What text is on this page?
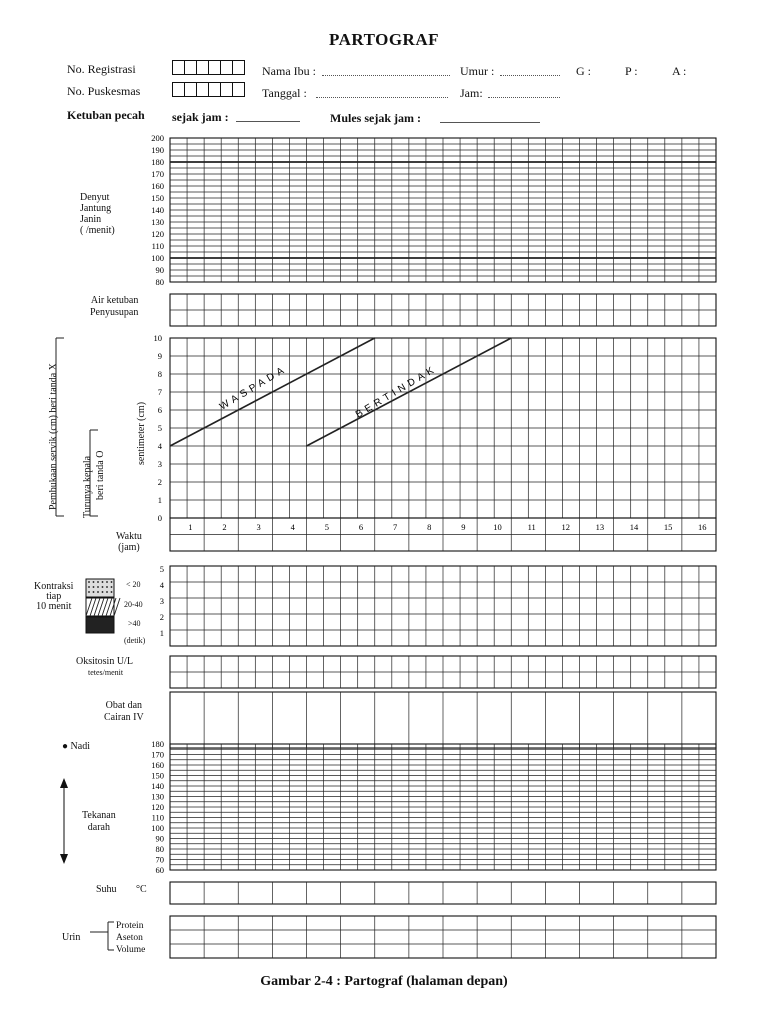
PARTOGRAF
No. Registrasi
No. Puskesmas
Nama Ibu :	Umur :	G :	P :	A :
Tanggal :	Jam:
Ketuban pecah sejak jam :	Mules sejak jam :
Denyut
Jantung
Janin
( /menit)
Air ketuban
Penyusupan
Pembukaan servik (cm) beri tanda X Turunya kepala beri tanda O
sentimeter (cm)
Waktu
(jam)
Kontraksi
tiap
10 menit
< 20
20-40
>40
(detik)
Oksitosin U/L
tetes/menit
Obat dan
Cairan IV
● Nadi
Tekanan
darah
Suhu °C
Urin
Protein
Aseton
Volume
Gambar 2-4 : Partograf (halaman depan)
200
190
180
170
160
150
140
130
120
110
100
90
80
10
9
8
7
6
5
4
3
2
1
0
1	2	3	4	5	6	7	8	9	10	11	12	13	14	15	16
WASPADA	BERTINDAK
5
4
3
2
1
180
170
160
150
140
130
120
110
100
90
80
70
60
